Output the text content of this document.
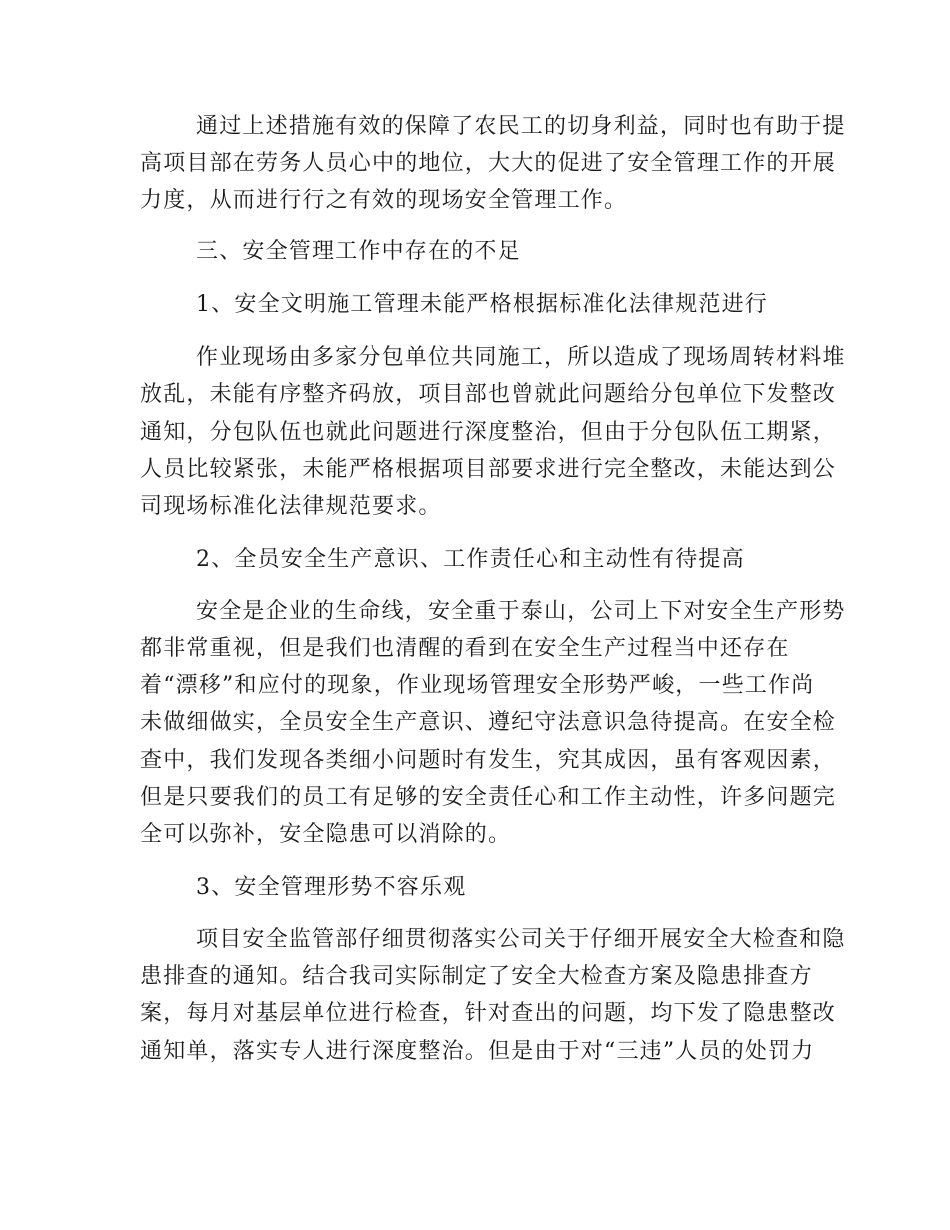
通过上述措施有效的保障了农民工的切身利益，同时也有助于提
高项目部在劳务人员心中的地位，大大的促进了安全管理工作的开展
力度，从而进行行之有效的现场安全管理工作。
三、安全管理工作中存在的不足
1、安全文明施工管理未能严格根据标准化法律规范进行
作业现场由多家分包单位共同施工，所以造成了现场周转材料堆
放乱，未能有序整齐码放，项目部也曾就此问题给分包单位下发整改
通知，分包队伍也就此问题进行深度整治，但由于分包队伍工期紧，
人员比较紧张，未能严格根据项目部要求进行完全整改，未能达到公
司现场标准化法律规范要求。
2、全员安全生产意识、工作责任心和主动性有待提高
安全是企业的生命线，安全重于泰山，公司上下对安全生产形势
都非常重视，但是我们也清醒的看到在安全生产过程当中还存在
着“漂移”和应付的现象，作业现场管理安全形势严峻，一些工作尚
未做细做实，全员安全生产意识、遵纪守法意识急待提高。在安全检
查中，我们发现各类细小问题时有发生，究其成因，虽有客观因素，
但是只要我们的员工有足够的安全责任心和工作主动性，许多问题完
全可以弥补，安全隐患可以消除的。
3、安全管理形势不容乐观
项目安全监管部仔细贯彻落实公司关于仔细开展安全大检查和隐
患排查的通知。结合我司实际制定了安全大检查方案及隐患排查方
案，每月对基层单位进行检查，针对查出的问题，均下发了隐患整改
通知单，落实专人进行深度整治。但是由于对“三违”人员的处罚力
